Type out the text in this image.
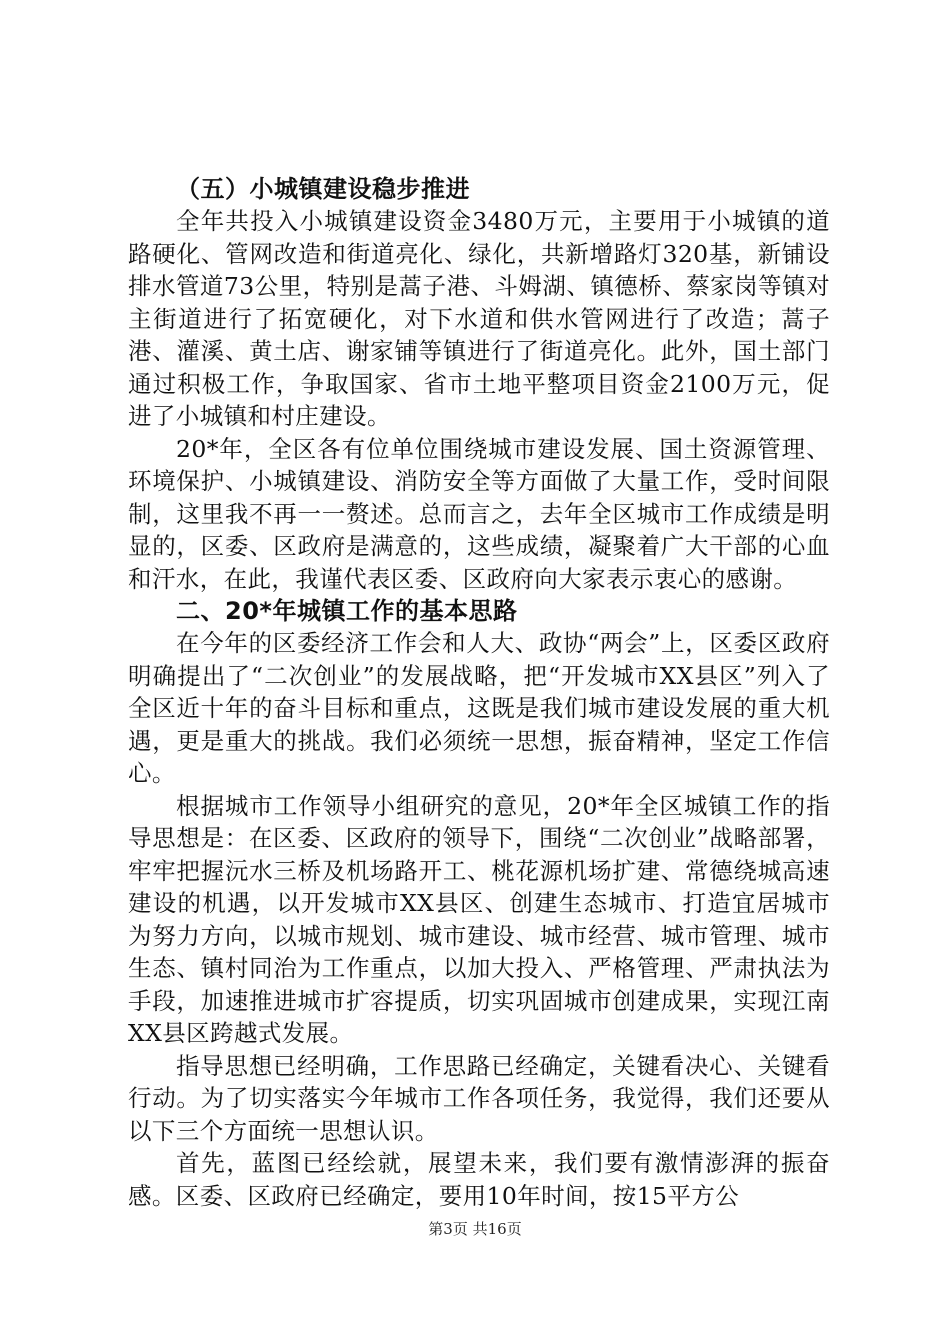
（五）小城镇建设稳步推进

全年共投入小城镇建设资金3480万元，主要用于小城镇的道路硬化、管网改造和街道亮化、绿化，共新增路灯320基，新铺设排水管道73公里，特别是蒿子港、斗姆湖、镇德桥、蔡家岗等镇对主街道进行了拓宽硬化，对下水道和供水管网进行了改造；蒿子港、灌溪、黄土店、谢家铺等镇进行了街道亮化。此外，国土部门通过积极工作，争取国家、省市土地平整项目资金2100万元，促进了小城镇和村庄建设。

20*年，全区各有位单位围绕城市建设发展、国土资源管理、环境保护、小城镇建设、消防安全等方面做了大量工作，受时间限制，这里我不再一一赘述。总而言之，去年全区城市工作成绩是明显的，区委、区政府是满意的，这些成绩，凝聚着广大干部的心血和汗水，在此，我谨代表区委、区政府向大家表示衷心的感谢。

二、20*年城镇工作的基本思路

在今年的区委经济工作会和人大、政协“两会”上，区委区政府明确提出了“二次创业”的发展战略，把“开发城市XX县区”列入了全区近十年的奋斗目标和重点，这既是我们城市建设发展的重大机遇，更是重大的挑战。我们必须统一思想，振奋精神，坚定工作信心。

根据城市工作领导小组研究的意见，20*年全区城镇工作的指导思想是：在区委、区政府的领导下，围绕“二次创业”战略部署，牢牢把握沅水三桥及机场路开工、桃花源机场扩建、常德绕城高速建设的机遇，以开发城市XX县区、创建生态城市、打造宜居城市为努力方向，以城市规划、城市建设、城市经营、城市管理、城市生态、镇村同治为工作重点，以加大投入、严格管理、严肃执法为手段，加速推进城市扩容提质，切实巩固城市创建成果，实现江南XX县区跨越式发展。

指导思想已经明确，工作思路已经确定，关键看决心、关键看行动。为了切实落实今年城市工作各项任务，我觉得，我们还要从以下三个方面统一思想认识。

首先，蓝图已经绘就，展望未来，我们要有激情澎湃的振奋感。区委、区政府已经确定，要用10年时间，按15平方公

第3页 共16页
